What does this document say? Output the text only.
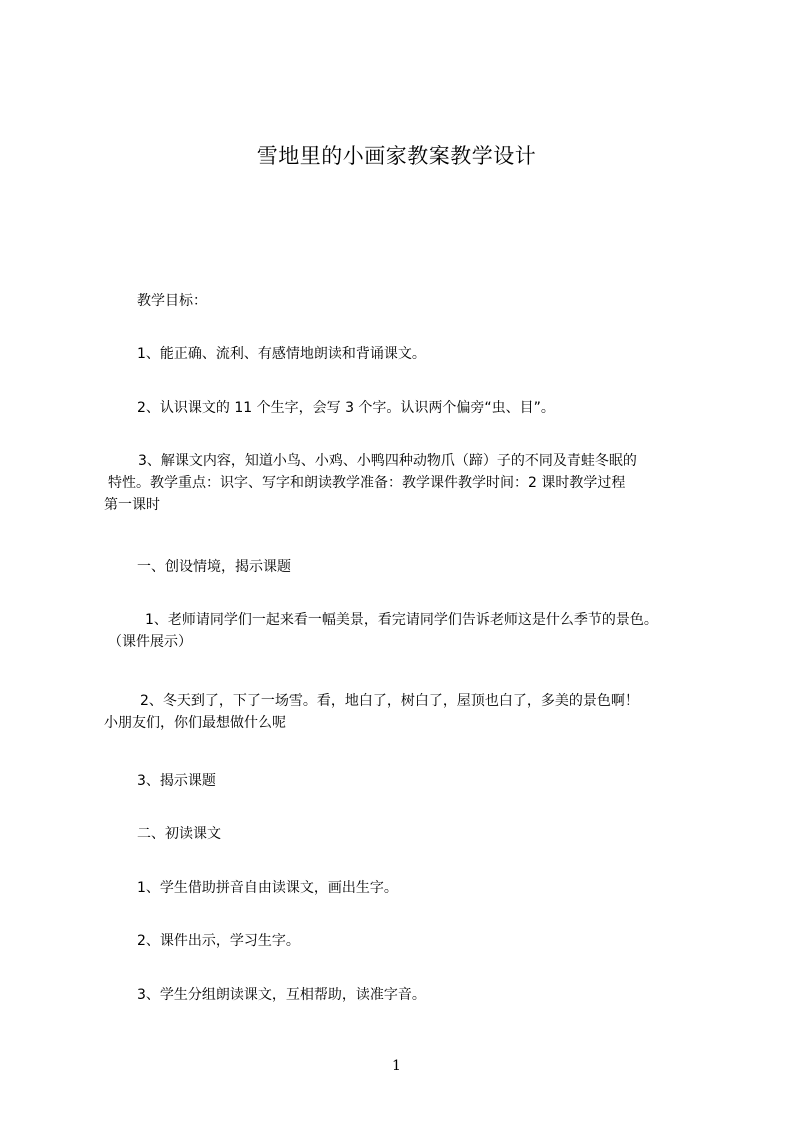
雪地里的小画家教案教学设计
教学目标：
1、能正确、流利、有感情地朗读和背诵课文。
2、认识课文的 11 个生字，会写 3 个字。认识两个偏旁“虫、目”。
3、解课文内容，知道小鸟、小鸡、小鸭四种动物爪（蹄）子的不同及青蛙冬眠的
特性。教学重点：识字、写字和朗读教学准备：教学课件教学时间：2 课时教学过程
第一课时
一、创设情境，揭示课题
1、老师请同学们一起来看一幅美景，看完请同学们告诉老师这是什么季节的景色。
（课件展示）
2、冬天到了，下了一场雪。看，地白了，树白了，屋顶也白了，多美的景色啊！
小朋友们，你们最想做什么呢
3、揭示课题
二、初读课文
1、学生借助拼音自由读课文，画出生字。
2、课件出示，学习生字。
3、学生分组朗读课文，互相帮助，读准字音。
1
